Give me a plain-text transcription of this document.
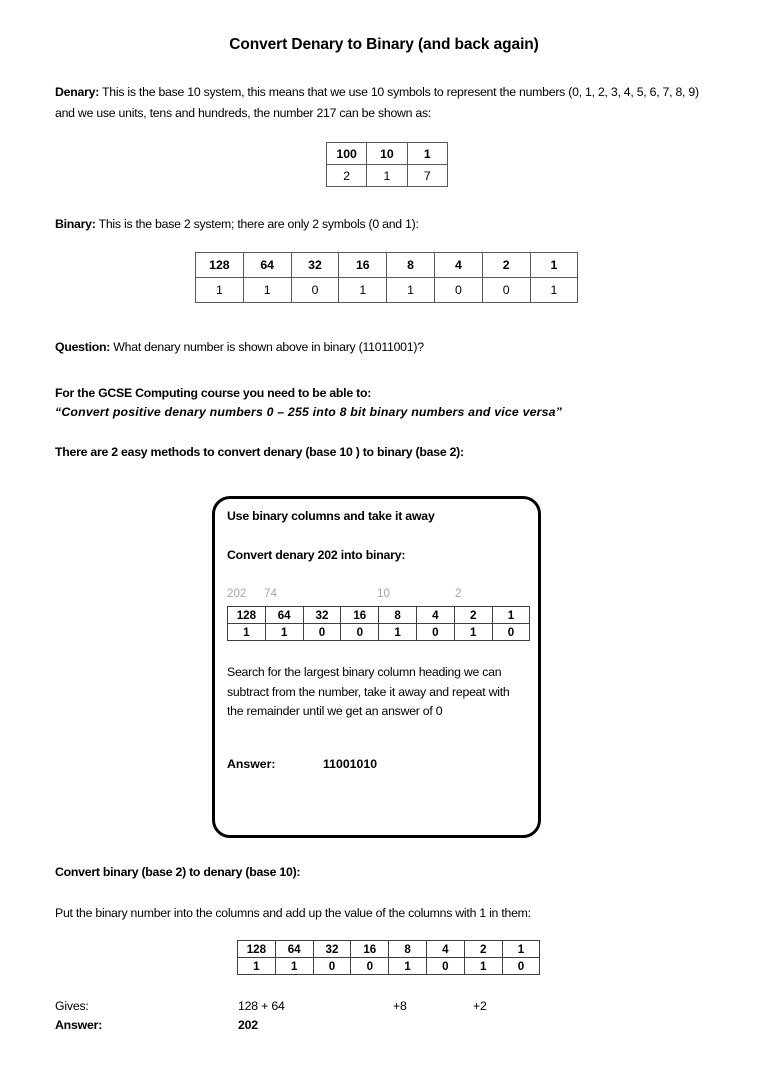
Convert Denary to Binary (and back again)
Denary: This is the base 10 system, this means that we use 10 symbols to represent the numbers (0, 1, 2, 3, 4, 5, 6, 7, 8, 9) and we use units, tens and hundreds, the number 217 can be shown as:
100	10	1
2	1	7
Binary: This is the base 2 system; there are only 2 symbols (0 and 1):
128	64	32	16	8	4	2	1
1	1	0	1	1	0	0	1
Question: What denary number is shown above in binary (11011001)?
For the GCSE Computing course you need to be able to:
“Convert positive denary numbers 0 – 255 into 8 bit binary numbers and vice versa”
There are 2 easy methods to convert denary (base 10 ) to binary (base 2):
Use binary columns and take it away
Convert denary 202 into binary:
202 74	10	2
128	64	32	16	8	4	2	1
1	1	0	0	1	0	1	0
Search for the largest binary column heading we can subtract from the number, take it away and repeat with the remainder until we get an answer of 0
Answer:	11001010
Convert binary (base 2) to denary (base 10):
Put the binary number into the columns and add up the value of the columns with 1 in them:
128	64	32	16	8	4	2	1
1	1	0	0	1	0	1	0
Gives:	128 + 64	+8	+2
Answer:	202
